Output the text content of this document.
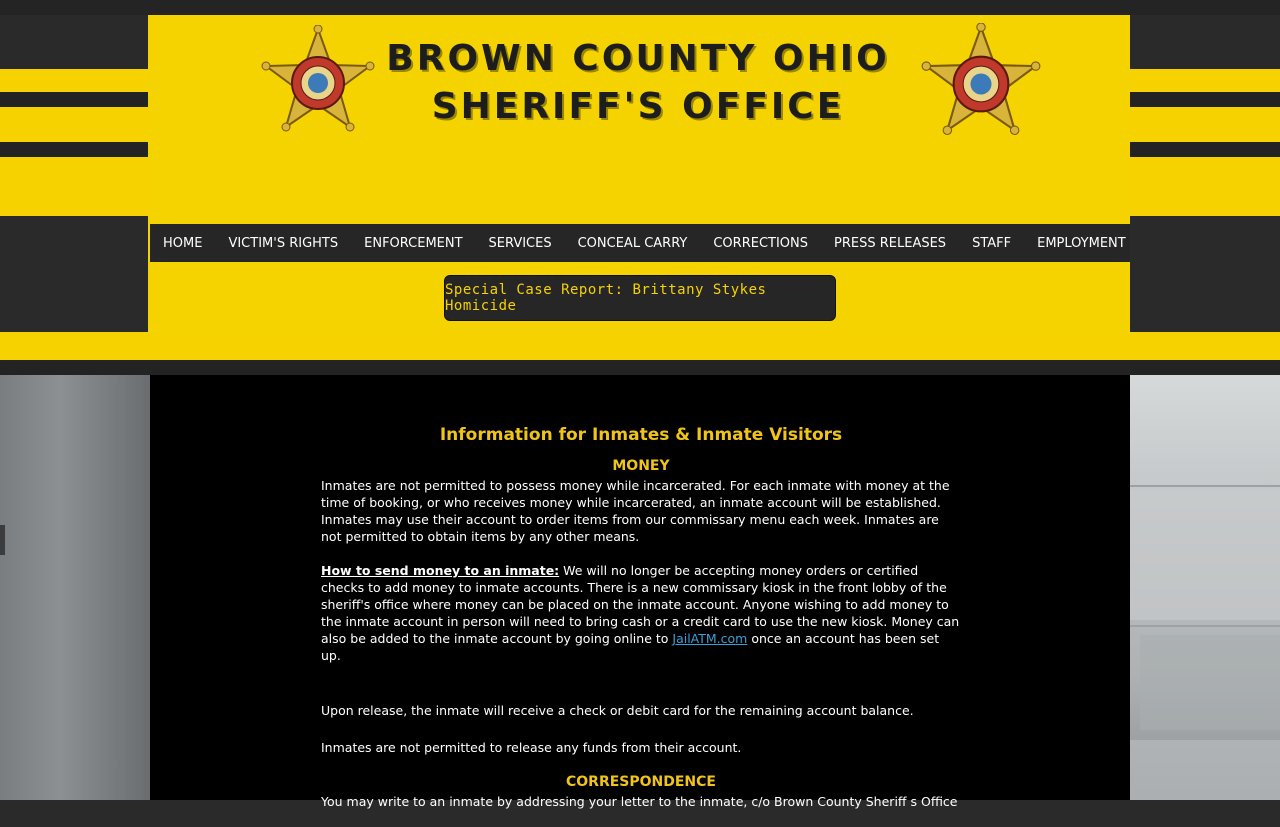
BROWN COUNTY OHIO
SHERIFF'S OFFICE
HOME	VICTIM'S RIGHTS	ENFORCEMENT	SERVICES	CONCEAL CARRY	CORRECTIONS	PRESS RELEASES	STAFF	EMPLOYMENT
Special Case Report: Brittany Stykes Homicide
Information for Inmates & Inmate Visitors
MONEY

Inmates are not permitted to possess money while incarcerated. For each inmate with money at the time of booking, or who receives money while incarcerated, an inmate account will be established. Inmates may use their account to order items from our commissary menu each week. Inmates are not permitted to obtain items by any other means.

How to send money to an inmate: We will no longer be accepting money orders or certified checks to add money to inmate accounts. There is a new commissary kiosk in the front lobby of the sheriff's office where money can be placed on the inmate account. Anyone wishing to add money to the inmate account in person will need to bring cash or a credit card to use the new kiosk. Money can also be added to the inmate account by going online to JailATM.com once an account has been set up.

Upon release, the inmate will receive a check or debit card for the remaining account balance.

Inmates are not permitted to release any funds from their account.

CORRESPONDENCE

You may write to an inmate by addressing your letter to the inmate, c/o Brown County Sheriff s Office
